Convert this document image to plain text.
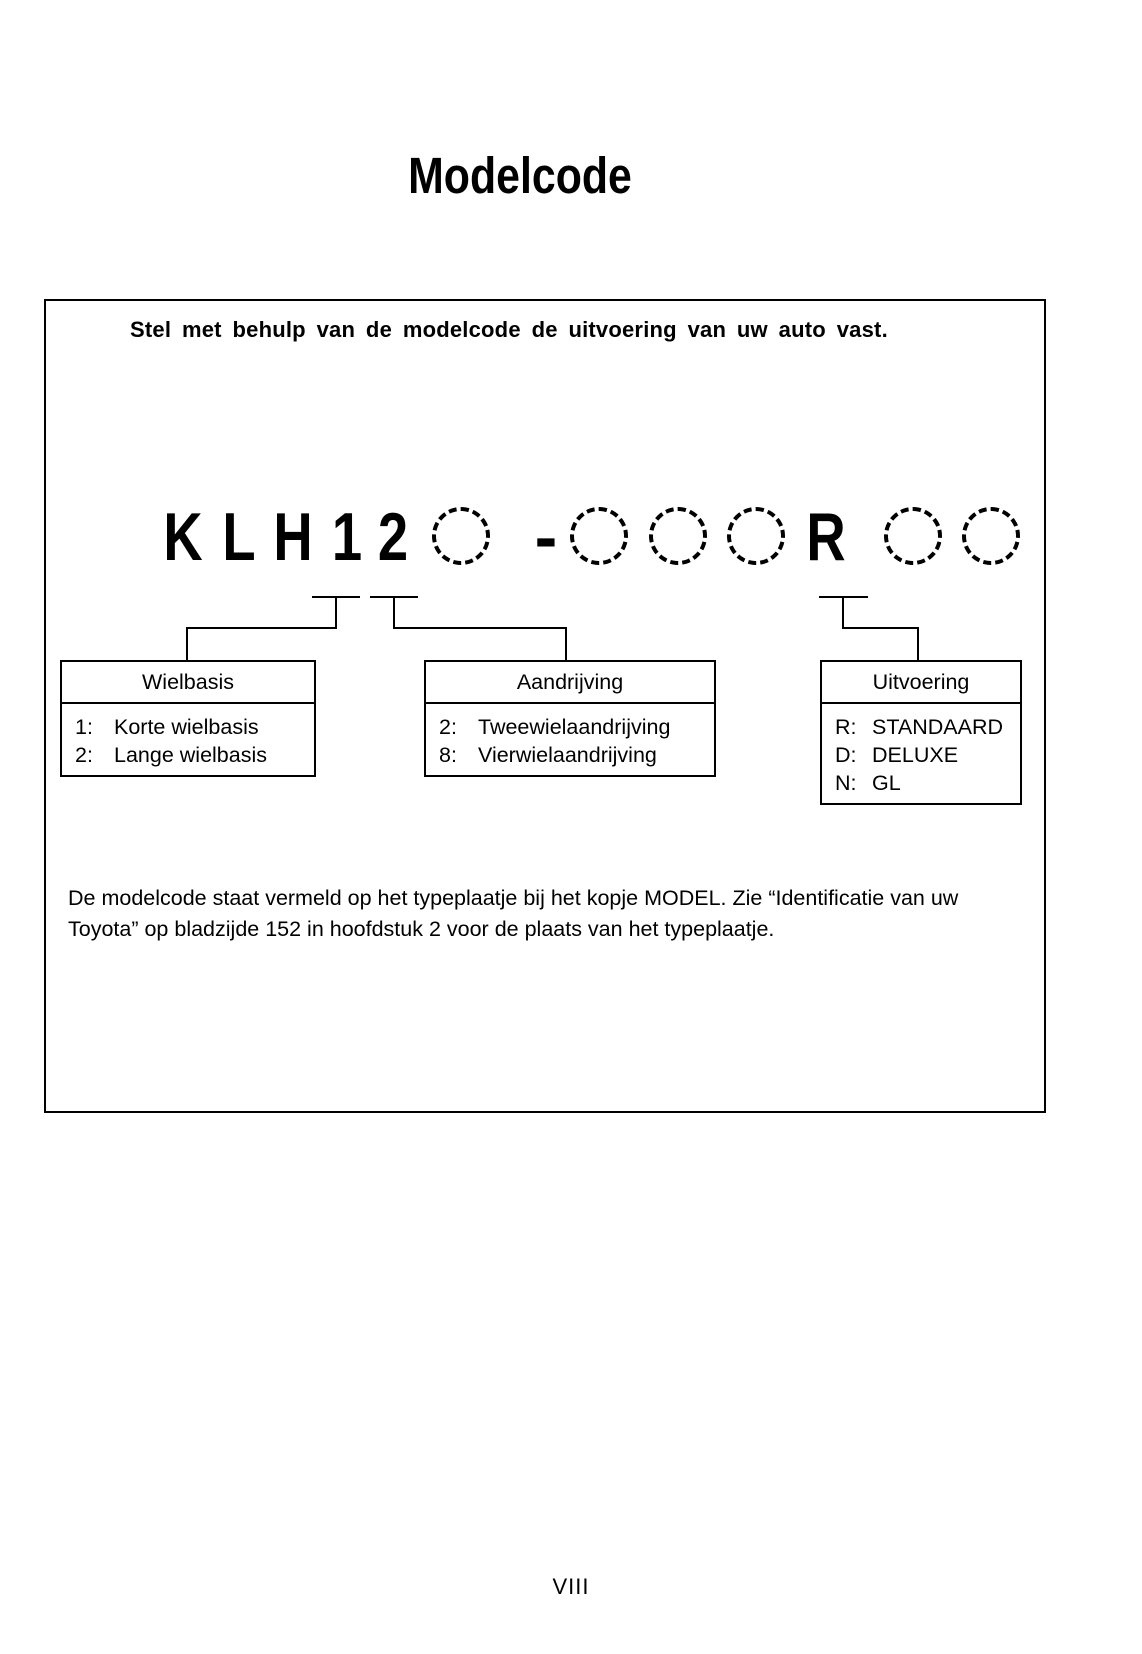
Modelcode
Stel met behulp van de modelcode de uitvoering van uw auto vast.
K L H 1 2 -	R
Wielbasis
1: Korte wielbasis
2: Lange wielbasis
Aandrijving
2: Tweewielaandrijving
8: Vierwielaandrijving
Uitvoering
R: STANDAARD
D: DELUXE
N: GL
De modelcode staat vermeld op het typeplaatje bij het kopje MODEL. Zie “Identificatie van uw
Toyota” op bladzijde 152 in hoofdstuk 2 voor de plaats van het typeplaatje.
VIII
